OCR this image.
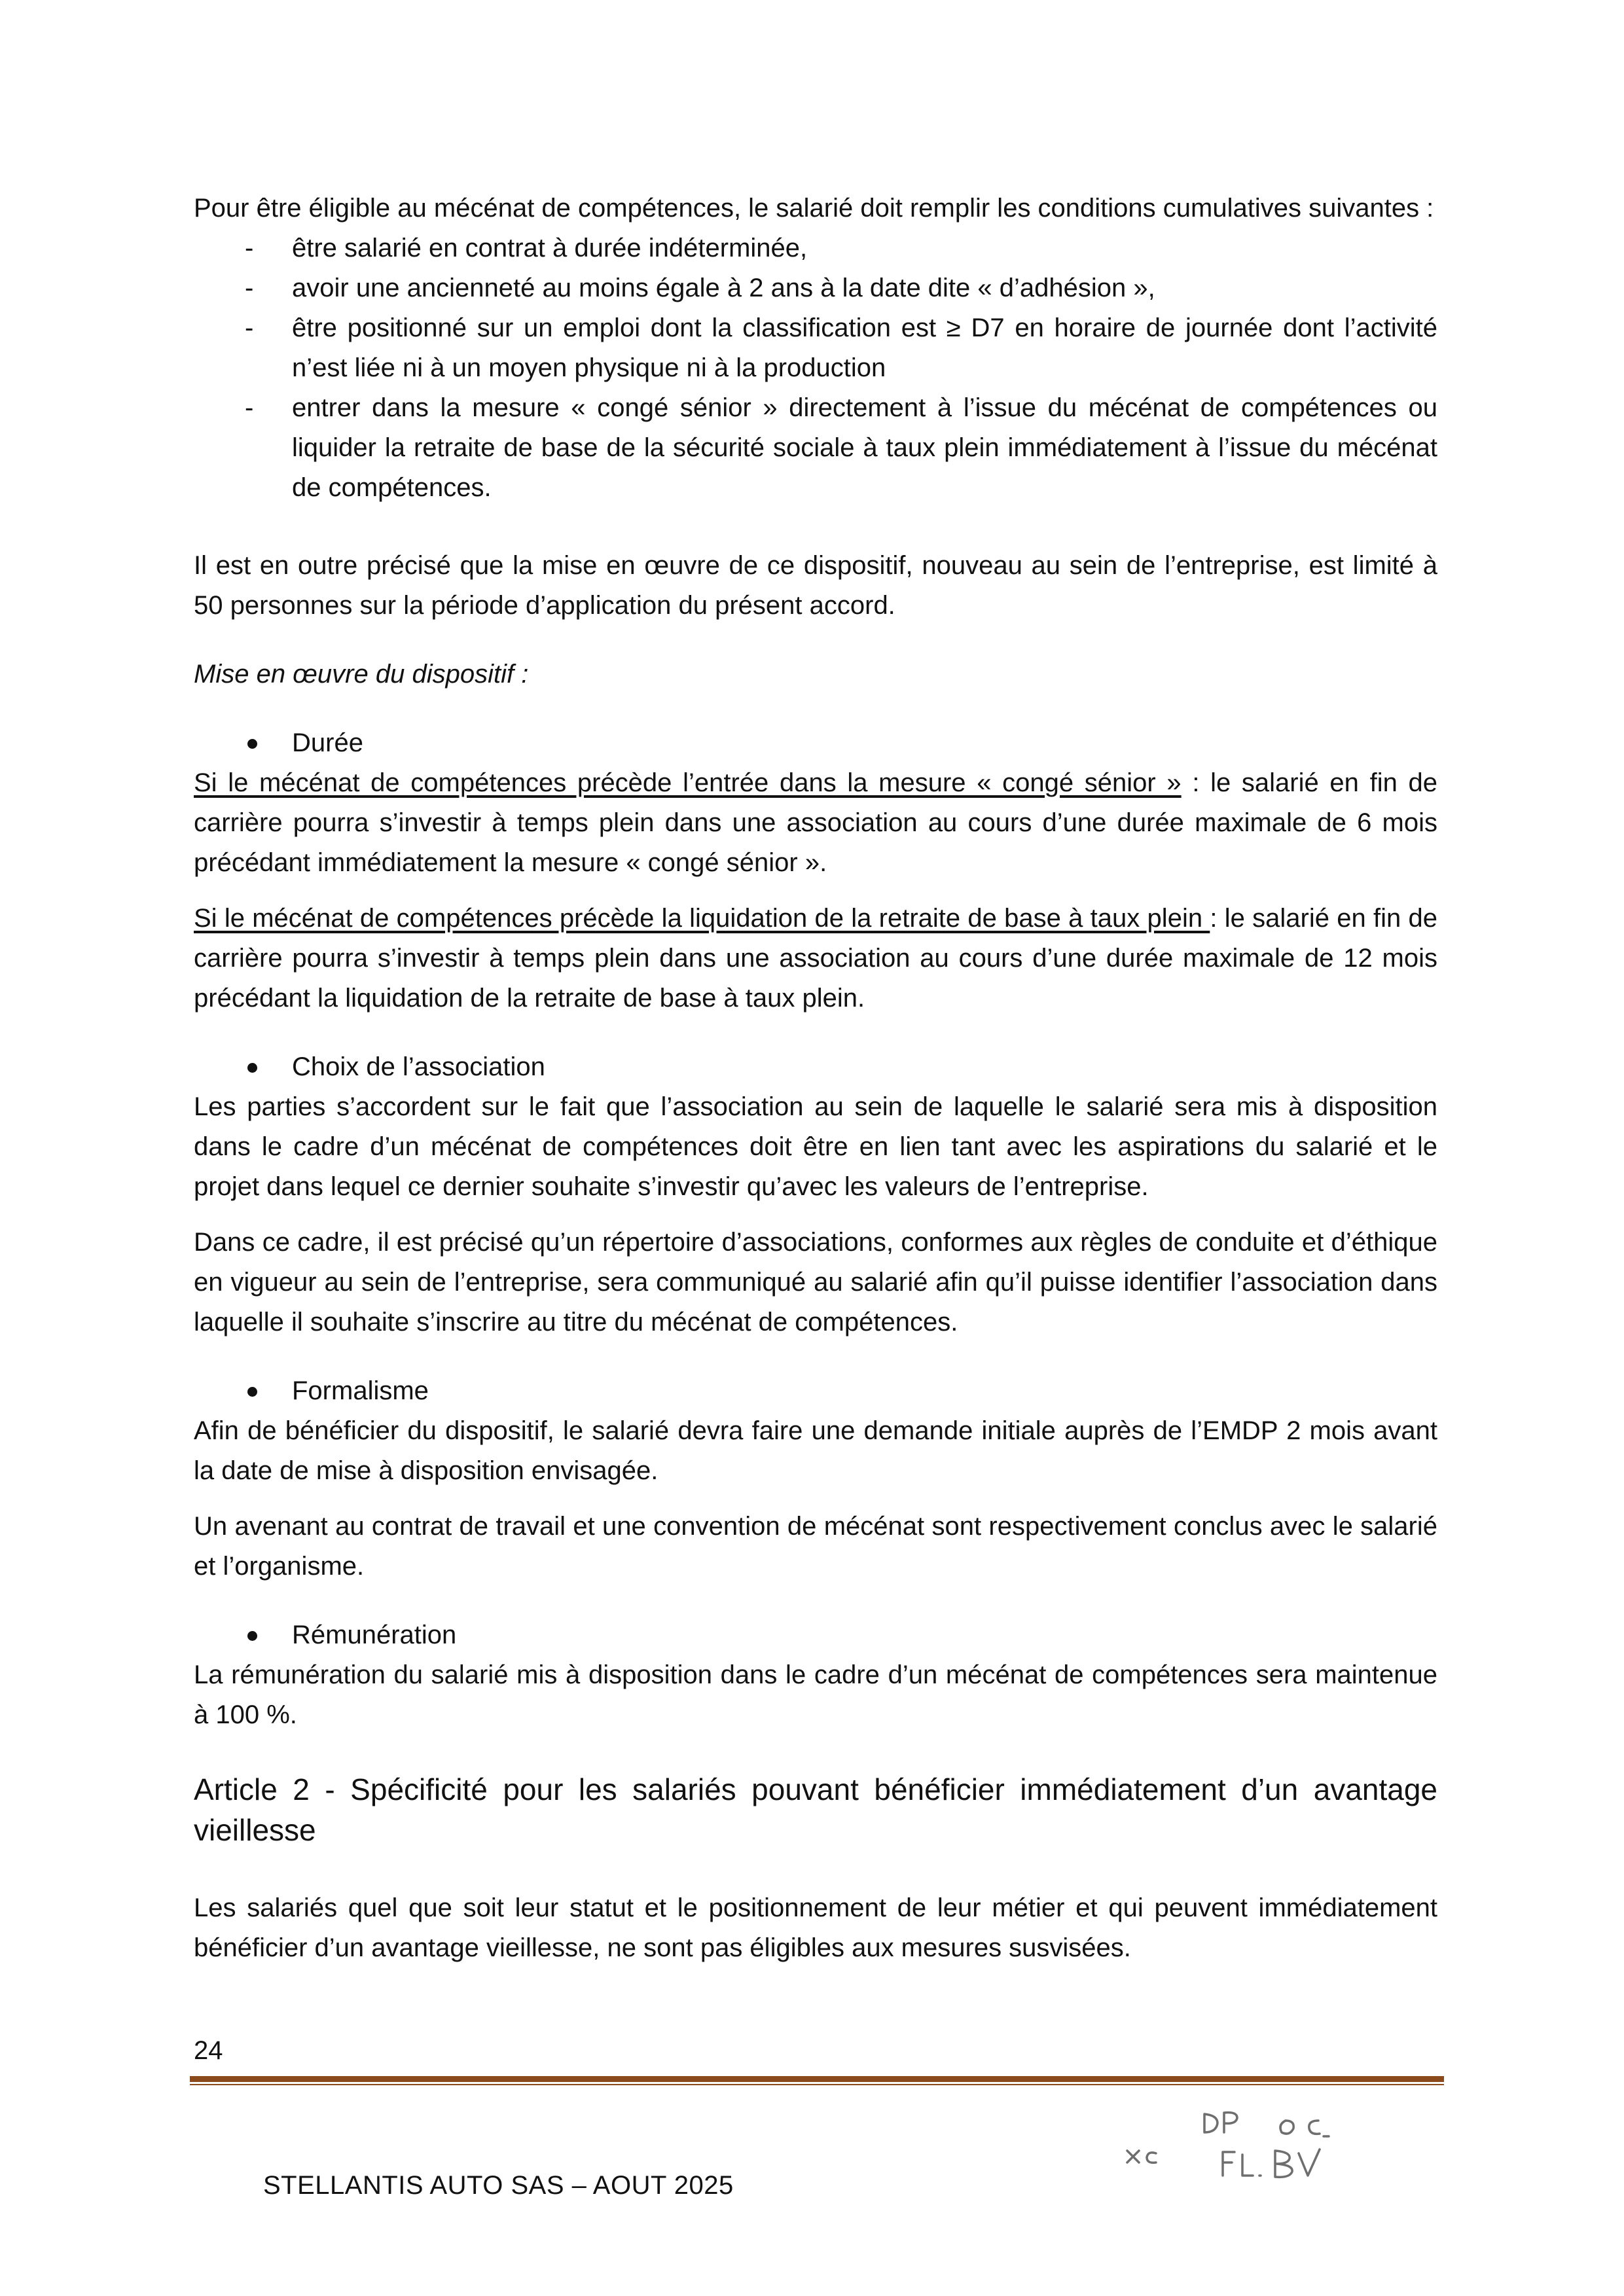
Pour être éligible au mécénat de compétences, le salarié doit remplir les conditions cumulatives suivantes :

- être salarié en contrat à durée indéterminée,
- avoir une ancienneté au moins égale à 2 ans à la date dite « d’adhésion »,
- être positionné sur un emploi dont la classification est ≥ D7 en horaire de journée dont l’activité n’est liée ni à un moyen physique ni à la production
- entrer dans la mesure « congé sénior » directement à l’issue du mécénat de compétences ou liquider la retraite de base de la sécurité sociale à taux plein immédiatement à l’issue du mécénat de compétences.

Il est en outre précisé que la mise en œuvre de ce dispositif, nouveau au sein de l’entreprise, est limité à 50 personnes sur la période d’application du présent accord.

Mise en œuvre du dispositif :

Durée

Si le mécénat de compétences précède l’entrée dans la mesure « congé sénior » : le salarié en fin de carrière pourra s’investir à temps plein dans une association au cours d’une durée maximale de 6 mois précédant immédiatement la mesure « congé sénior ».

Si le mécénat de compétences précède la liquidation de la retraite de base à taux plein : le salarié en fin de carrière pourra s’investir à temps plein dans une association au cours d’une durée maximale de 12 mois précédant la liquidation de la retraite de base à taux plein.

Choix de l’association

Les parties s’accordent sur le fait que l’association au sein de laquelle le salarié sera mis à disposition dans le cadre d’un mécénat de compétences doit être en lien tant avec les aspirations du salarié et le projet dans lequel ce dernier souhaite s’investir qu’avec les valeurs de l’entreprise.

Dans ce cadre, il est précisé qu’un répertoire d’associations, conformes aux règles de conduite et d’éthique en vigueur au sein de l’entreprise, sera communiqué au salarié afin qu’il puisse identifier l’association dans laquelle il souhaite s’inscrire au titre du mécénat de compétences.

Formalisme

Afin de bénéficier du dispositif, le salarié devra faire une demande initiale auprès de l’EMDP 2 mois avant la date de mise à disposition envisagée.

Un avenant au contrat de travail et une convention de mécénat sont respectivement conclus avec le salarié et l’organisme.

Rémunération

La rémunération du salarié mis à disposition dans le cadre d’un mécénat de compétences sera maintenue à 100 %.

Article 2 - Spécificité pour les salariés pouvant bénéficier immédiatement d’un avantage vieillesse

Les salariés quel que soit leur statut et le positionnement de leur métier et qui peuvent immédiatement bénéficier d’un avantage vieillesse, ne sont pas éligibles aux mesures susvisées.

24
STELLANTIS AUTO SAS – AOUT 2025
